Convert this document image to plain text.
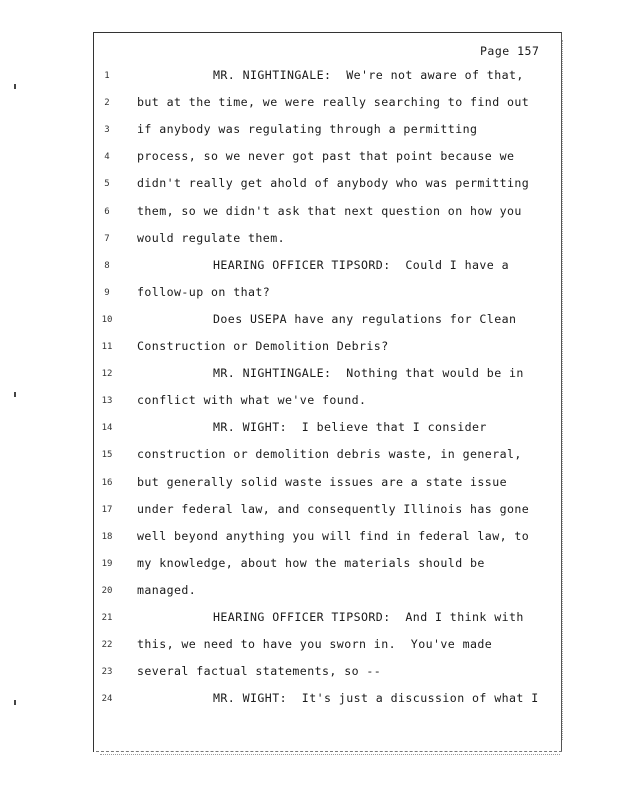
Page 157
1	MR. NIGHTINGALE:  We're not aware of that,
2	but at the time, we were really searching to find out
3	if anybody was regulating through a permitting
4	process, so we never got past that point because we
5	didn't really get ahold of anybody who was permitting
6	them, so we didn't ask that next question on how you
7	would regulate them.
8	HEARING OFFICER TIPSORD:  Could I have a
9	follow-up on that?
10	Does USEPA have any regulations for Clean
11	Construction or Demolition Debris?
12	MR. NIGHTINGALE:  Nothing that would be in
13	conflict with what we've found.
14	MR. WIGHT:  I believe that I consider
15	construction or demolition debris waste, in general,
16	but generally solid waste issues are a state issue
17	under federal law, and consequently Illinois has gone
18	well beyond anything you will find in federal law, to
19	my knowledge, about how the materials should be
20	managed.
21	HEARING OFFICER TIPSORD:  And I think with
22	this, we need to have you sworn in.  You've made
23	several factual statements, so --
24	MR. WIGHT:  It's just a discussion of what I
